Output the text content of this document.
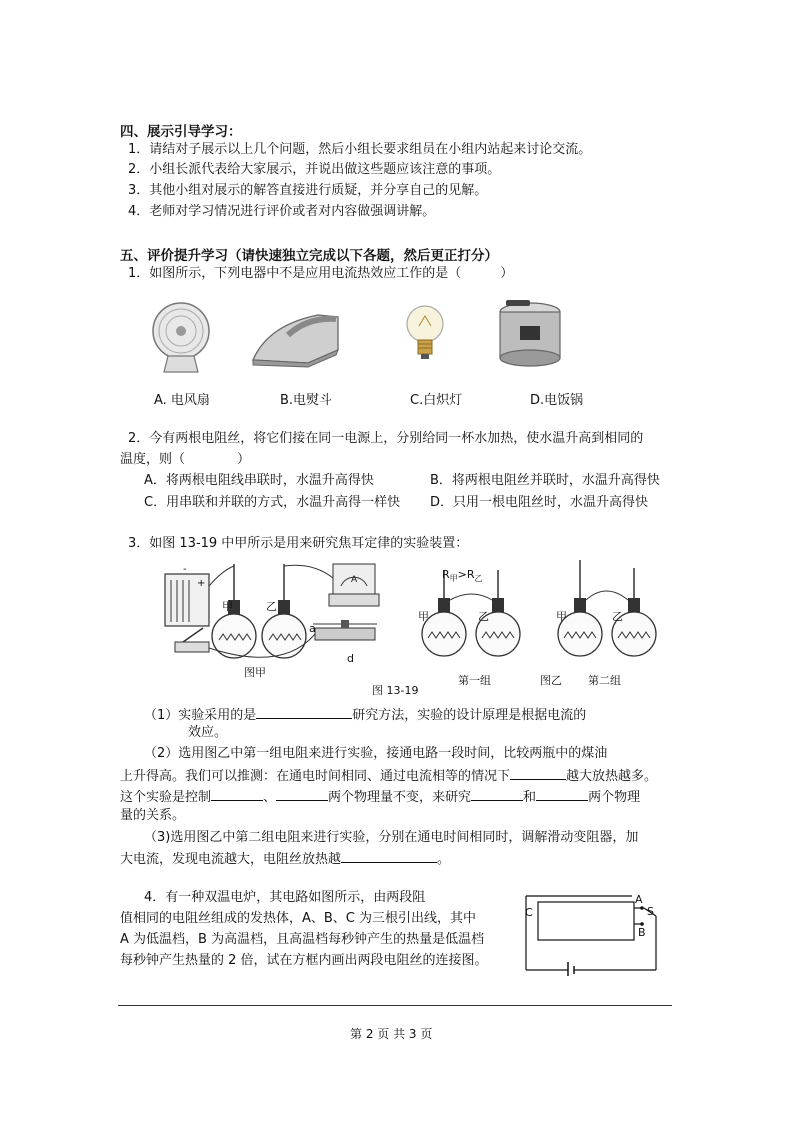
四、展示引导学习：
1．请结对子展示以上几个问题，然后小组长要求组员在小组内站起来讨论交流。
2．小组长派代表给大家展示，并说出做这些题应该注意的事项。
3．其他小组对展示的解答直接进行质疑，并分享自己的见解。
4．老师对学习情况进行评价或者对内容做强调讲解。
五、评价提升学习（请快速独立完成以下各题，然后更正打分）
1．如图所示，下列电器中不是应用电流热效应工作的是（　　　）
A. 电风扇	B.电熨斗	C.白炽灯	D.电饭锅
2．今有两根电阻丝，将它们接在同一电源上，分别给同一杯水加热，使水温升高到相同的
温度，则（　　　　）
A．将两根电阻线串联时，水温升高得快	B．将两根电阻丝并联时，水温升高得快
C．用串联和并联的方式，水温升高得一样快 D．只用一根电阻丝时，水温升高得快
3．如图 13-19 中甲所示是用来研究焦耳定律的实验装置：
-
+	A
甲	乙
a
d
图甲
$R_甲>R_乙$
甲	乙	甲	乙
第一组	图乙 第二组
图 13-19
（1）实验采用的是	研究方法，实验的设计原理是根据电流的
效应。
（2）选用图乙中第一组电阻来进行实验，接通电路一段时间，比较两瓶中的煤油
上升得高。我们可以推测：在通电时间相同、通过电流相等的情况下	越大放热越多。
这个实验是控制	、	两个物理量不变，来研究	和	两个物理
量的关系。
（3)选用图乙中第二组电阻来进行实验，分别在通电时间相同时，调解滑动变阻器，加
大电流，发现电流越大，电阻丝放热越	。
4．有一种双温电炉，其电路如图所示，由两段阻
值相同的电阻丝组成的发热体，A、B、C 为三根引出线，其中
A 为低温档，B 为高温档，且高温档每秒钟产生的热量是低温档
每秒钟产生热量的 2 倍，试在方框内画出两段电阻丝的连接图。
C
A
S
B
第 2 页 共 3 页
